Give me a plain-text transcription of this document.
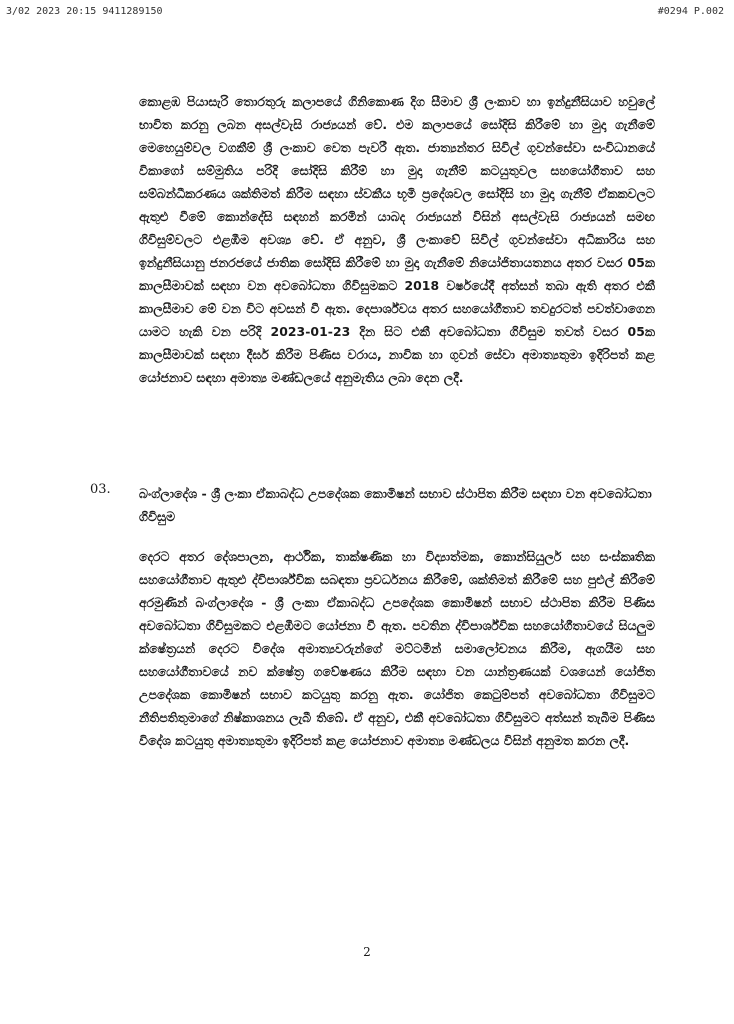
3/02 2023 20:15 9411289150	#0294 P.002

කොළඹ පියාසැරි තොරතුරු කලාපයේ ගිනිකොණ දිග සීමාව ශ්‍රී ලංකාව හා ඉන්දුනීසියාව හවුලේ භාවිත කරනු ලබන අසල්වැසි රාජ්‍යයන් වේ. එම කලාපයේ සෝදිසි කිරීමේ හා මුදා ගැනීමේ මෙහෙයුම්වල වගකීම් ශ්‍රී ලංකාව වෙත පැවරී ඇත. ජාත්‍යන්තර සිවිල් ගුවන්සේවා සංවිධානයේ විකාගෝ සම්මුතිය පරිදි සෝදිසි කිරීම් හා මුදා ගැනීම් කටයුතුවල සහයෝගීතාව සහ සම්බන්ධීකරණය ශක්තිමත් කිරීම සඳහා ස්වකීය භූමි ප්‍රදේශවල සෝදිසි හා මුදා ගැනීම් ඒකකවලට ඇතුළු වීමේ කොන්දේසි සඳහන් කරමින් යාබද රාජ්‍යයන් විසින් අසල්වැසි රාජ්‍යයන් සමඟ ගිවිසුම්වලට එළඹීම අවශ්‍ය වේ. ඒ අනුව, ශ්‍රී ලංකාවේ සිවිල් ගුවන්සේවා අධිකාරිය සහ ඉන්දුනීසියානු ජනරජයේ ජාතික සෝදිසි කිරීමේ හා මුදා ගැනීමේ නියෝජිතායතනය අතර වසර 05ක කාලසීමාවක් සඳහා වන අවබෝධතා ගිවිසුමකට 2018 වර්ෂයේදී අත්සන් තබා ඇති අතර එකී කාලසීමාව මේ වන විට අවසන් වී ඇත. දෙපාර්ශ්වය අතර සහයෝගීතාව තවදුරටත් පවත්වාගෙන යාමට හැකි වන පරිදි 2023-01-23 දින සිට එකී අවබෝධතා ගිවිසුම තවත් වසර 05ක කාලසීමාවක් සඳහා දීර්ඝ කිරීම පිණිස වරාය, නාවික හා ගුවන් සේවා අමාත්‍යතුමා ඉදිරිපත් කළ යෝජනාව සඳහා අමාත්‍ය මණ්ඩලයේ අනුමැතිය ලබා දෙන ලදී.

03. බංග්ලාදේශ - ශ්‍රී ලංකා ඒකාබද්ධ උපදේශක කොමිෂන් සභාව ස්ථාපිත කිරීම සඳහා වන අවබෝධතා ගිවිසුම

දෙරට අතර දේශපාලන, ආර්ථික, තාක්ෂණික හා විද්‍යාත්මක, කොන්සියුලර් සහ සංස්කෘතික සහයෝගීතාව ඇතුළු ද්විපාර්ශ්වික සබඳතා ප්‍රවර්ධනය කිරීමේ, ශක්තිමත් කිරීමේ සහ පුළුල් කිරීමේ අරමුණින් බංග්ලාදේශ - ශ්‍රී ලංකා ඒකාබද්ධ උපදේශක කොමිෂන් සභාව ස්ථාපිත කිරීම පිණිස අවබෝධතා ගිවිසුමකට එළඹීමට යෝජනා වී ඇත. පවතින ද්විපාර්ශ්වික සහයෝගීතාවයේ සියලුම ක්ෂේත්‍රයන් දෙරට විදේශ අමාත්‍යවරුන්ගේ මට්ටමින් සමාලෝචනය කිරීම, ඇගයීම සහ සහයෝගීතාවයේ නව ක්ෂේත්‍ර ගවේෂණය කිරීම සඳහා වන යාන්ත්‍රණයක් වශයෙන් යෝජිත උපදේශක කොමිෂන් සභාව කටයුතු කරනු ඇත. යෝජිත කෙටුම්පත් අවබෝධතා ගිවිසුමට නීතිපතිතුමාගේ නිෂ්කාශනය ලැබී තිබේ. ඒ අනුව, එකී අවබෝධතා ගිවිසුමට අත්සන් තැබීම පිණිස විදේශ කටයුතු අමාත්‍යතුමා ඉදිරිපත් කළ යෝජනාව අමාත්‍ය මණ්ඩලය විසින් අනුමත කරන ලදී.

2
